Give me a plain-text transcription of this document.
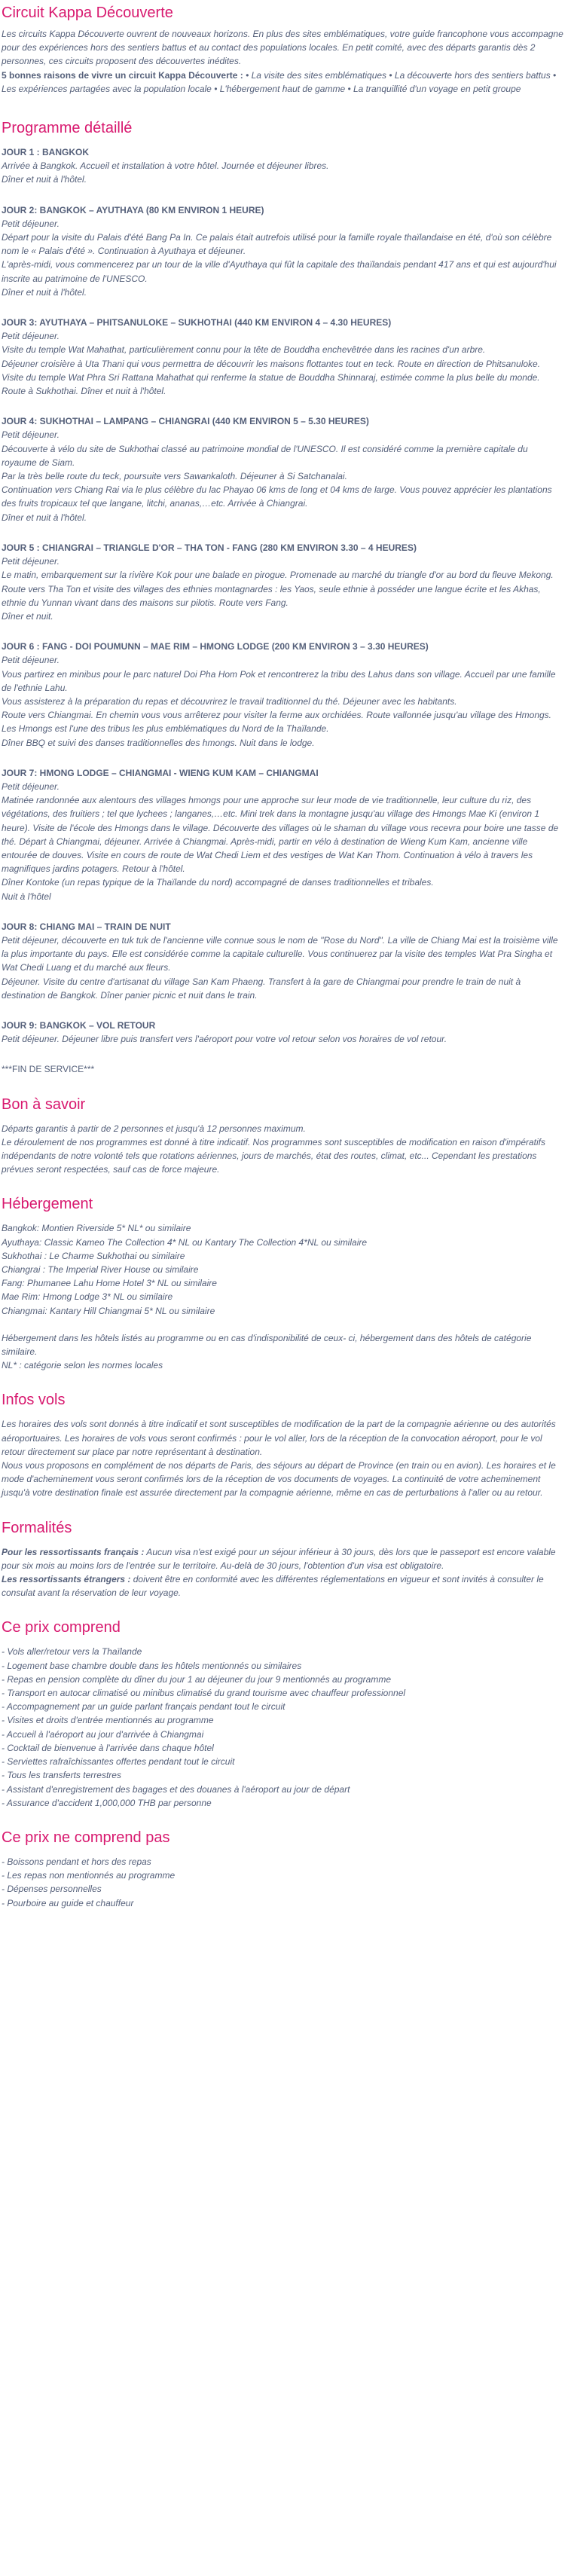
Circuit Kappa Découverte

Les circuits Kappa Découverte ouvrent de nouveaux horizons. En plus des sites emblématiques, votre guide francophone vous accompagne pour des expériences hors des sentiers battus et au contact des populations locales. En petit comité, avec des départs garantis dès 2 personnes, ces circuits proposent des découvertes inédites.

5 bonnes raisons de vivre un circuit Kappa Découverte : • La visite des sites emblématiques • La découverte hors des sentiers battus • Les expériences partagées avec la population locale • L'hébergement haut de gamme • La tranquillité d'un voyage en petit groupe

Programme détaillé

JOUR 1 : BANGKOK

Arrivée à Bangkok. Accueil et installation à votre hôtel. Journée et déjeuner libres.

Dîner et nuit à l'hôtel.

JOUR 2: BANGKOK – AYUTHAYA (80 KM ENVIRON 1 HEURE)

Petit déjeuner.

Départ pour la visite du Palais d'été Bang Pa In. Ce palais était autrefois utilisé pour la famille royale thaïlandaise en été, d'où son célèbre nom le « Palais d'été ». Continuation à Ayuthaya et déjeuner.

L'après-midi, vous commencerez par un tour de la ville d'Ayuthaya qui fût la capitale des thaïlandais pendant 417 ans et qui est aujourd'hui inscrite au patrimoine de l'UNESCO.

Dîner et nuit à l'hôtel.

JOUR 3: AYUTHAYA – PHITSANULOKE – SUKHOTHAI (440 KM ENVIRON 4 – 4.30 HEURES)

Petit déjeuner.

Visite du temple Wat Mahathat, particulièrement connu pour la tête de Bouddha enchevêtrée dans les racines d'un arbre.

Déjeuner croisière à Uta Thani qui vous permettra de découvrir les maisons flottantes tout en teck. Route en direction de Phitsanuloke.

Visite du temple Wat Phra Sri Rattana Mahathat qui renferme la statue de Bouddha Shinnaraj, estimée comme la plus belle du monde.

Route à Sukhothai. Dîner et nuit à l'hôtel.

JOUR 4: SUKHOTHAI – LAMPANG – CHIANGRAI (440 KM ENVIRON 5 – 5.30 HEURES)

Petit déjeuner.

Découverte à vélo du site de Sukhothai classé au patrimoine mondial de l'UNESCO. Il est considéré comme la première capitale du royaume de Siam.

Par la très belle route du teck, poursuite vers Sawankaloth. Déjeuner à Si Satchanalai.

Continuation vers Chiang Rai via le plus célèbre du lac Phayao 06 kms de long et 04 kms de large. Vous pouvez apprécier les plantations des fruits tropicaux tel que langane, litchi, ananas,…etc. Arrivée à Chiangrai.

Dîner et nuit à l'hôtel.

JOUR 5 : CHIANGRAI – TRIANGLE D'OR – THA TON - FANG (280 KM ENVIRON 3.30 – 4 HEURES)

Petit déjeuner.

Le matin, embarquement sur la rivière Kok pour une balade en pirogue. Promenade au marché du triangle d'or au bord du fleuve Mekong. Route vers Tha Ton et visite des villages des ethnies montagnardes : les Yaos, seule ethnie à posséder une langue écrite et les Akhas, ethnie du Yunnan vivant dans des maisons sur pilotis. Route vers Fang.

Dîner et nuit.

JOUR 6 : FANG - DOI POUMUNN – MAE RIM – HMONG LODGE (200 KM ENVIRON 3 – 3.30 HEURES)

Petit déjeuner.

Vous partirez en minibus pour le parc naturel Doi Pha Hom Pok et rencontrerez la tribu des Lahus dans son village. Accueil par une famille de l'ethnie Lahu.

Vous assisterez à la préparation du repas et découvrirez le travail traditionnel du thé. Déjeuner avec les habitants.

Route vers Chiangmai. En chemin vous vous arrêterez pour visiter la ferme aux orchidées. Route vallonnée jusqu'au village des Hmongs. Les Hmongs est l'une des tribus les plus emblématiques du Nord de la Thaïlande.

Dîner BBQ et suivi des danses traditionnelles des hmongs. Nuit dans le lodge.

JOUR 7: HMONG LODGE – CHIANGMAI - WIENG KUM KAM – CHIANGMAI

Petit déjeuner.

Matinée randonnée aux alentours des villages hmongs pour une approche sur leur mode de vie traditionnelle, leur culture du riz, des végétations, des fruitiers ; tel que lychees ; langanes,…etc. Mini trek dans la montagne jusqu'au village des Hmongs Mae Ki (environ 1 heure). Visite de l'école des Hmongs dans le village. Découverte des villages où le shaman du village vous recevra pour boire une tasse de thé. Départ à Chiangmai, déjeuner. Arrivée à Chiangmai. Après-midi, partir en vélo à destination de Wieng Kum Kam, ancienne ville entourée de douves. Visite en cours de route de Wat Chedi Liem et des vestiges de Wat Kan Thom. Continuation à vélo à travers les magnifiques jardins potagers. Retour à l'hôtel.

Dîner Kontoke (un repas typique de la Thaïlande du nord) accompagné de danses traditionnelles et tribales.

Nuit à l'hôtel

JOUR 8: CHIANG MAI – TRAIN DE NUIT

Petit déjeuner, découverte en tuk tuk de l'ancienne ville connue sous le nom de "Rose du Nord". La ville de Chiang Mai est la troisième ville la plus importante du pays. Elle est considérée comme la capitale culturelle. Vous continuerez par la visite des temples Wat Pra Singha et Wat Chedi Luang et du marché aux fleurs.

Déjeuner. Visite du centre d'artisanat du village San Kam Phaeng. Transfert à la gare de Chiangmai pour prendre le train de nuit à destination de Bangkok. Dîner panier picnic et nuit dans le train.

JOUR 9: BANGKOK – VOL RETOUR

Petit déjeuner. Déjeuner libre puis transfert vers l'aéroport pour votre vol retour selon vos horaires de vol retour.

***FIN DE SERVICE***

Bon à savoir

Départs garantis à partir de 2 personnes et jusqu'à 12 personnes maximum.

Le déroulement de nos programmes est donné à titre indicatif. Nos programmes sont susceptibles de modification en raison d'impératifs indépendants de notre volonté tels que rotations aériennes, jours de marchés, état des routes, climat, etc... Cependant les prestations prévues seront respectées, sauf cas de force majeure.

Hébergement

Bangkok: Montien Riverside 5* NL* ou similaire

Ayuthaya: Classic Kameo The Collection 4* NL ou Kantary The Collection 4*NL ou similaire

Sukhothai : Le Charme Sukhothai ou similaire

Chiangrai : The Imperial River House ou similaire

Fang: Phumanee Lahu Home Hotel 3* NL ou similaire

Mae Rim: Hmong Lodge 3* NL ou similaire

Chiangmai: Kantary Hill Chiangmai 5* NL ou similaire

Hébergement dans les hôtels listés au programme ou en cas d'indisponibilité de ceux- ci, hébergement dans des hôtels de catégorie similaire.

NL* : catégorie selon les normes locales

Infos vols

Les horaires des vols sont donnés à titre indicatif et sont susceptibles de modification de la part de la compagnie aérienne ou des autorités aéroportuaires. Les horaires de vols vous seront confirmés : pour le vol aller, lors de la réception de la convocation aéroport, pour le vol retour directement sur place par notre représentant à destination.

Nous vous proposons en complément de nos départs de Paris, des séjours au départ de Province (en train ou en avion). Les horaires et le mode d'acheminement vous seront confirmés lors de la réception de vos documents de voyages. La continuité de votre acheminement jusqu'à votre destination finale est assurée directement par la compagnie aérienne, même en cas de perturbations à l'aller ou au retour.

Formalités

Pour les ressortissants français : Aucun visa n'est exigé pour un séjour inférieur à 30 jours, dès lors que le passeport est encore valable pour six mois au moins lors de l'entrée sur le territoire. Au-delà de 30 jours, l'obtention d'un visa est obligatoire.

Les ressortissants étrangers : doivent être en conformité avec les différentes réglementations en vigueur et sont invités à consulter le consulat avant la réservation de leur voyage.

Ce prix comprend

- Vols aller/retour vers la Thaïlande

- Logement base chambre double dans les hôtels mentionnés ou similaires

- Repas en pension complète du dîner du jour 1 au déjeuner du jour 9 mentionnés au programme

- Transport en autocar climatisé ou minibus climatisé du grand tourisme avec chauffeur professionnel

- Accompagnement par un guide parlant français pendant tout le circuit

- Visites et droits d'entrée mentionnés au programme

- Accueil à l'aéroport au jour d'arrivée à Chiangmai

- Cocktail de bienvenue à l'arrivée dans chaque hôtel

- Serviettes rafraîchissantes offertes pendant tout le circuit

- Tous les transferts terrestres

- Assistant d'enregistrement des bagages et des douanes à l'aéroport au jour de départ

- Assurance d'accident 1,000,000 THB par personne

Ce prix ne comprend pas

- Boissons pendant et hors des repas

- Les repas non mentionnés au programme

- Dépenses personnelles

- Pourboire au guide et chauffeur
